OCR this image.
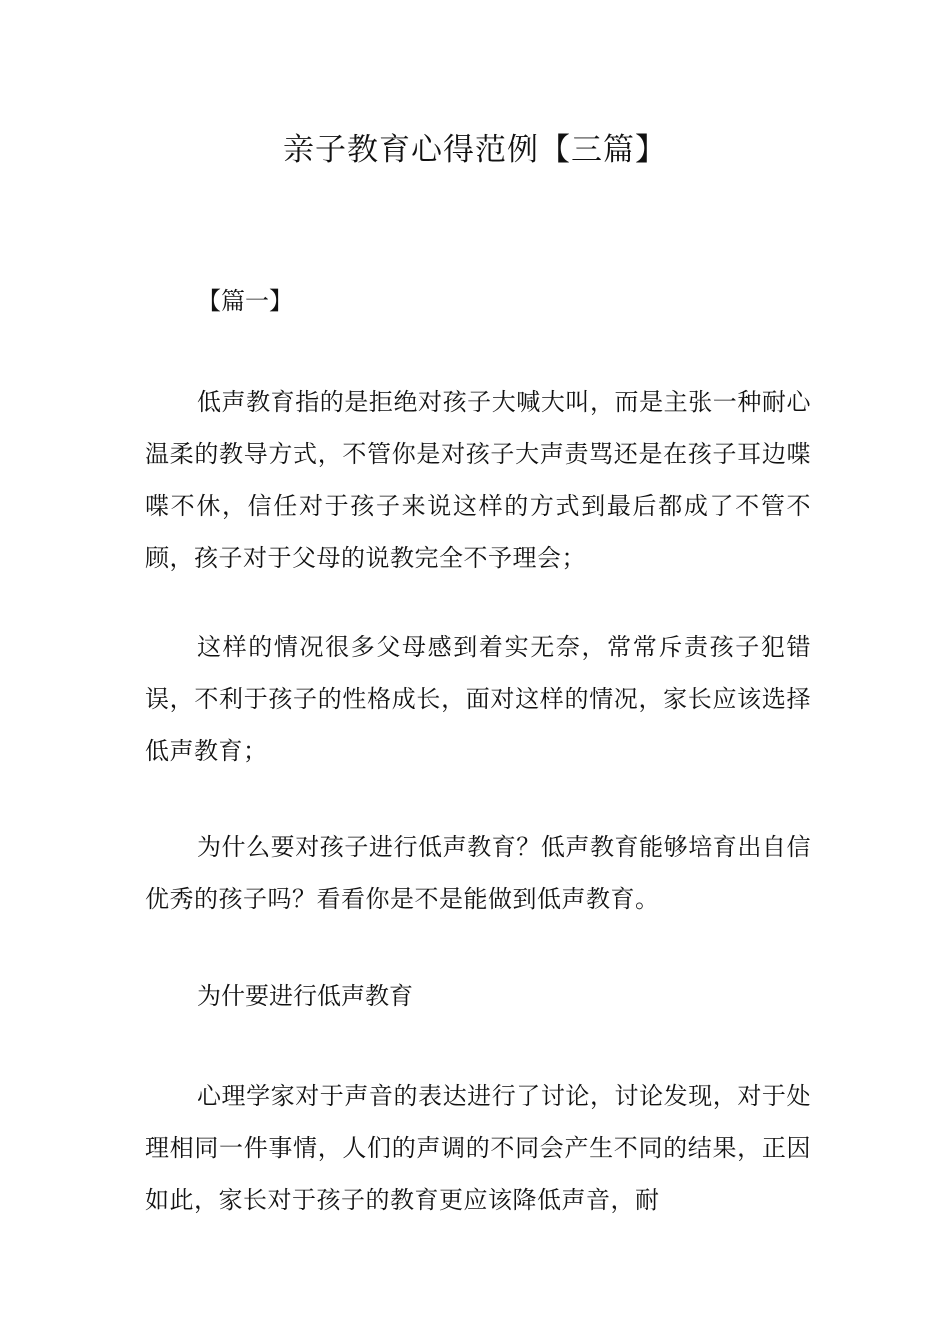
亲子教育心得范例【三篇】

【篇一】

低声教育指的是拒绝对孩子大喊大叫，而是主张一种耐心温柔的教导方式，不管你是对孩子大声责骂还是在孩子耳边喋喋不休，信任对于孩子来说这样的方式到最后都成了不管不顾，孩子对于父母的说教完全不予理会；

这样的情况很多父母感到着实无奈，常常斥责孩子犯错误，不利于孩子的性格成长，面对这样的情况，家长应该选择低声教育；

为什么要对孩子进行低声教育？低声教育能够培育出自信优秀的孩子吗？看看你是不是能做到低声教育。

为什要进行低声教育

心理学家对于声音的表达进行了讨论，讨论发现，对于处理相同一件事情，人们的声调的不同会产生不同的结果，正因如此，家长对于孩子的教育更应该降低声音，耐
